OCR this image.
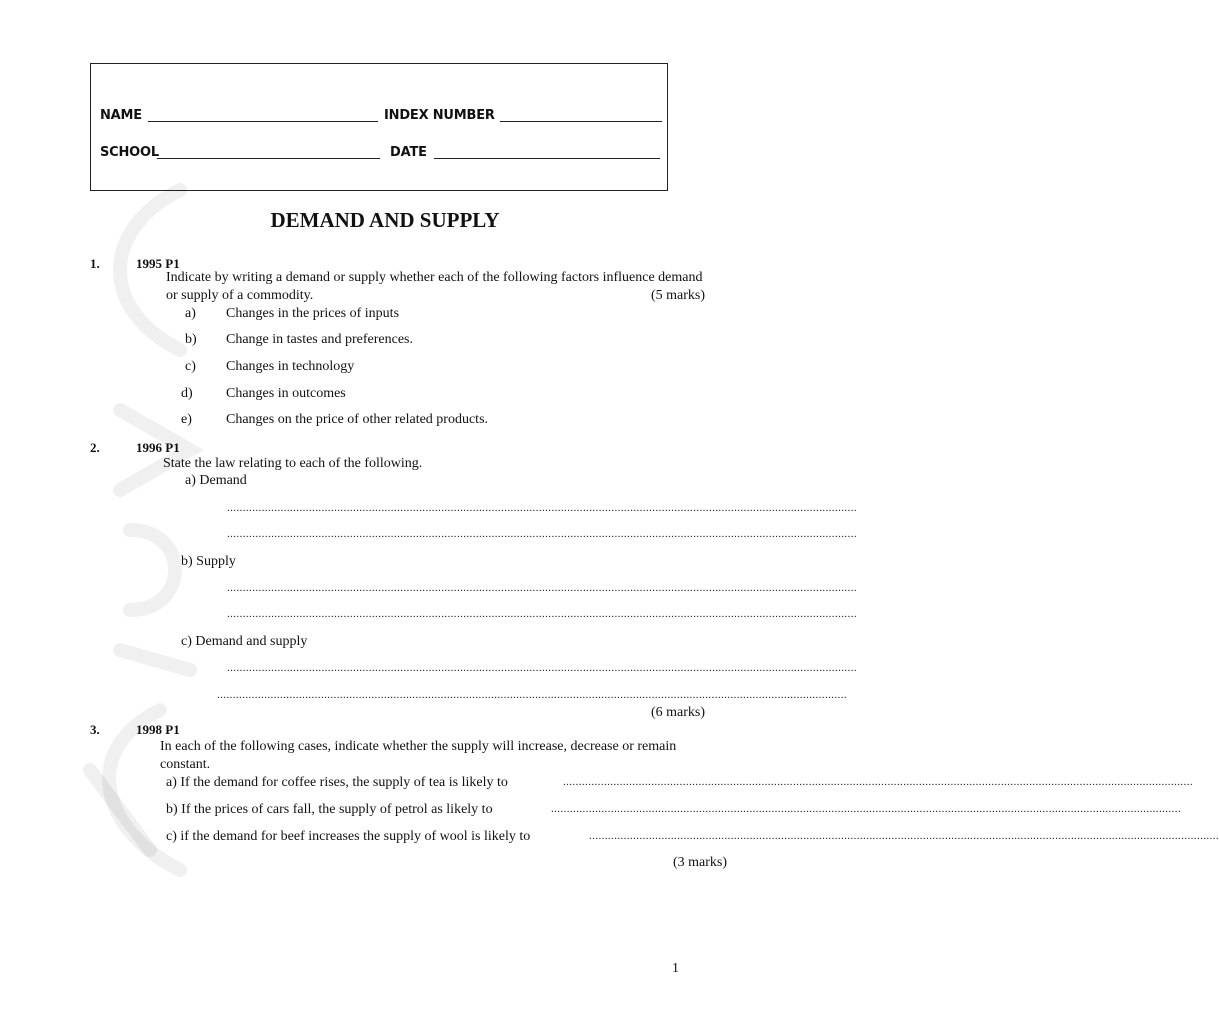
NAME	INDEX NUMBER
SCHOOL	DATE
DEMAND AND SUPPLY
1.	1995 P1
Indicate by writing a demand or supply whether each of the following factors influence demand
or supply of a commodity.	(5 marks)
a) Changes in the prices of inputs
b) Change in tastes and preferences.
c) Changes in technology
d) Changes in outcomes
e) Changes on the price of other related products.
2.	1996 P1
State the law relating to each of the following.
a) Demand
........................................................................................................................................................................................................
........................................................................................................................................................................................................
b) Supply
........................................................................................................................................................................................................
........................................................................................................................................................................................................
c) Demand and supply
........................................................................................................................................................................................................
........................................................................................................................................................................................................
(6 marks)
3.	1998 P1
In each of the following cases, indicate whether the supply will increase, decrease or remain
constant.
a) If the demand for coffee rises, the supply of tea is likely to	........................................................................................................................................................................................................
b) If the prices of cars fall, the supply of petrol as likely to	........................................................................................................................................................................................................
c) if the demand for beef increases the supply of wool is likely to	........................................................................................................................................................................................................
(3 marks)
1
